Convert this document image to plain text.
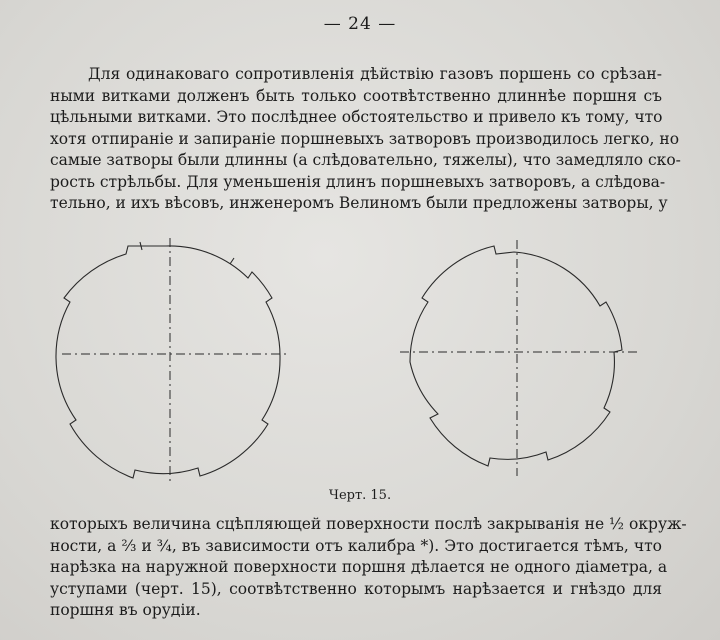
— 24 —

Для одинаковаго сопротивленія дѣйствію газовъ поршень со срѣзан-
ными витками долженъ быть только соотвѣтственно длиннѣе поршня съ
цѣльными витками. Это послѣднее обстоятельство и привело къ тому, что
хотя отпираніе и запираніе поршневыхъ затворовъ производилось легко, но
самые затворы были длинны (а слѣдовательно, тяжелы), что замедляло ско-
рость стрѣльбы. Для уменьшенія длинъ поршневыхъ затворовъ, а слѣдова-
тельно, и ихъ вѣсовъ, инженеромъ Велиномъ были предложены затворы, у

Черт. 15.

которыхъ величина сцѣпляющей поверхности послѣ закрыванія не ½ окруж-
ности, а ⅔ и ¾, въ зависимости отъ калибра *). Это достигается тѣмъ, что
нарѣзка на наружной поверхности поршня дѣлается не одного діаметра, а
уступами (черт. 15), соотвѣтственно которымъ нарѣзается и гнѣздо для
поршня въ орудіи.
